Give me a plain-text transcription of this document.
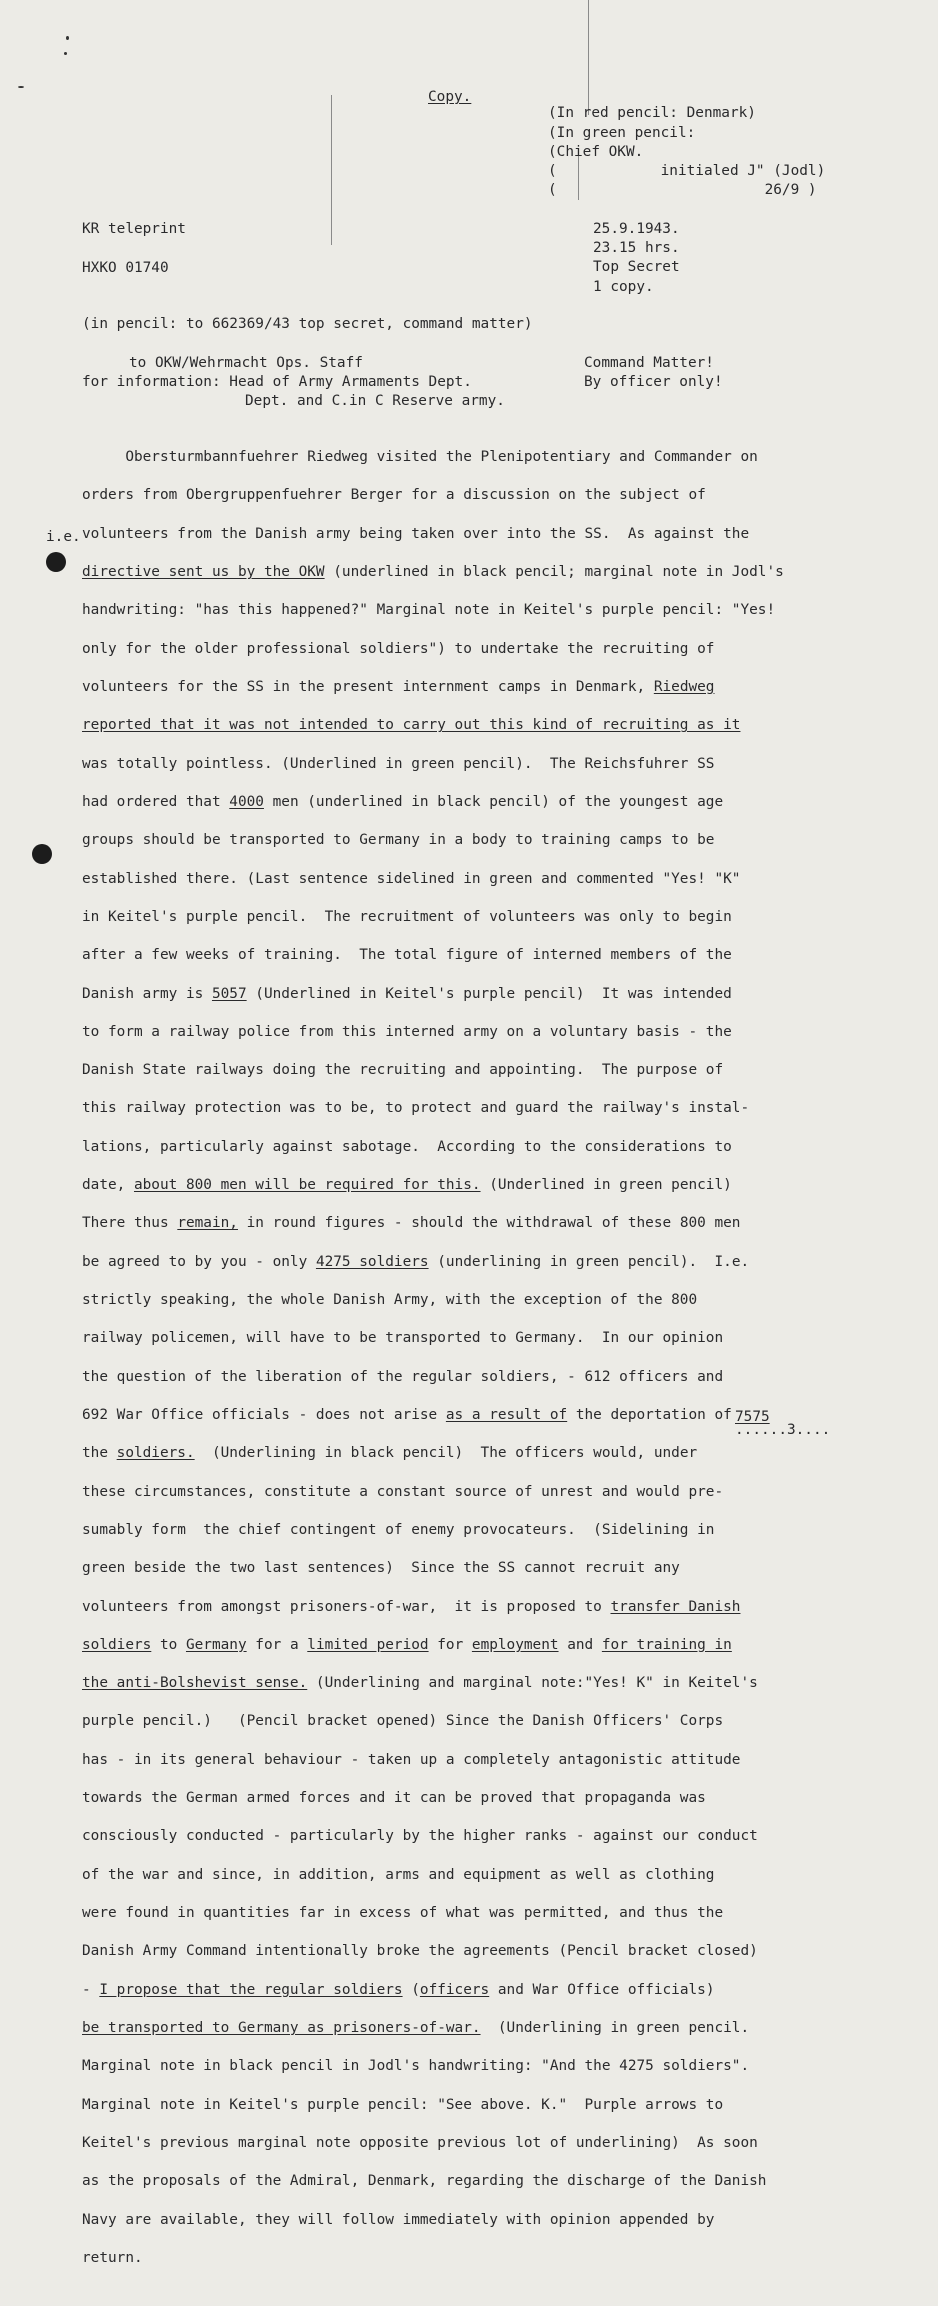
Copy.
(In red pencil: Denmark)
(In green pencil:
(Chief OKW.
(            initialed J" (Jodl)
(                        26/9 )
KR teleprint
HXKO 01740
25.9.1943.
23.15 hrs.
Top Secret
1 copy.
(in pencil: to 662369/43 top secret, command matter)
to OKW/Wehrmacht Ops. Staff
for information: Head of Army Armaments Dept.
Dept. and C.in C Reserve army.
Command Matter!
By officer only!
i.e.

Obersturmbannfuehrer Riedweg visited the Plenipotentiary and Commander on

orders from Obergruppenfuehrer Berger for a discussion on the subject of

volunteers from the Danish army being taken over into the SS.  As against the

directive sent us by the OKW (underlined in black pencil; marginal note in Jodl's

handwriting: "has this happened?" Marginal note in Keitel's purple pencil: "Yes!

only for the older professional soldiers") to undertake the recruiting of

volunteers for the SS in the present internment camps in Denmark, Riedweg

reported that it was not intended to carry out this kind of recruiting as it

was totally pointless. (Underlined in green pencil).  The Reichsfuhrer SS

had ordered that 4000 men (underlined in black pencil) of the youngest age

groups should be transported to Germany in a body to training camps to be

established there. (Last sentence sidelined in green and commented "Yes! "K"

in Keitel's purple pencil.  The recruitment of volunteers was only to begin

after a few weeks of training.  The total figure of interned members of the

Danish army is 5057 (Underlined in Keitel's purple pencil)  It was intended

to form a railway police from this interned army on a voluntary basis - the

Danish State railways doing the recruiting and appointing.  The purpose of

this railway protection was to be, to protect and guard the railway's instal-

lations, particularly against sabotage.  According to the considerations to

date, about 800 men will be required for this. (Underlined in green pencil)

There thus remain, in round figures - should the withdrawal of these 800 men

be agreed to by you - only 4275 soldiers (underlining in green pencil).  I.e.

strictly speaking, the whole Danish Army, with the exception of the 800

railway policemen, will have to be transported to Germany.  In our opinion

the question of the liberation of the regular soldiers, - 612 officers and

692 War Office officials - does not arise as a result of the deportation of

the soldiers.  (Underlining in black pencil)  The officers would, under

these circumstances, constitute a constant source of unrest and would pre-

sumably form  the chief contingent of enemy provocateurs.  (Sidelining in

green beside the two last sentences)  Since the SS cannot recruit any

volunteers from amongst prisoners-of-war,  it is proposed to transfer Danish

soldiers to Germany for a limited period for employment and for training in

the anti-Bolshevist sense. (Underlining and marginal note:"Yes! K" in Keitel's

purple pencil.)   (Pencil bracket opened) Since the Danish Officers' Corps

has - in its general behaviour - taken up a completely antagonistic attitude

towards the German armed forces and it can be proved that propaganda was

consciously conducted - particularly by the higher ranks - against our conduct

of the war and since, in addition, arms and equipment as well as clothing

were found in quantities far in excess of what was permitted, and thus the

Danish Army Command intentionally broke the agreements (Pencil bracket closed)

- I propose that the regular soldiers (officers and War Office officials)

be transported to Germany as prisoners-of-war.  (Underlining in green pencil.

Marginal note in black pencil in Jodl's handwriting: "And the 4275 soldiers".

Marginal note in Keitel's purple pencil: "See above. K."  Purple arrows to

Keitel's previous marginal note opposite previous lot of underlining)  As soon

as the proposals of the Admiral, Denmark, regarding the discharge of the Danish

Navy are available, they will follow immediately with opinion appended by

return.

7575
......3....
